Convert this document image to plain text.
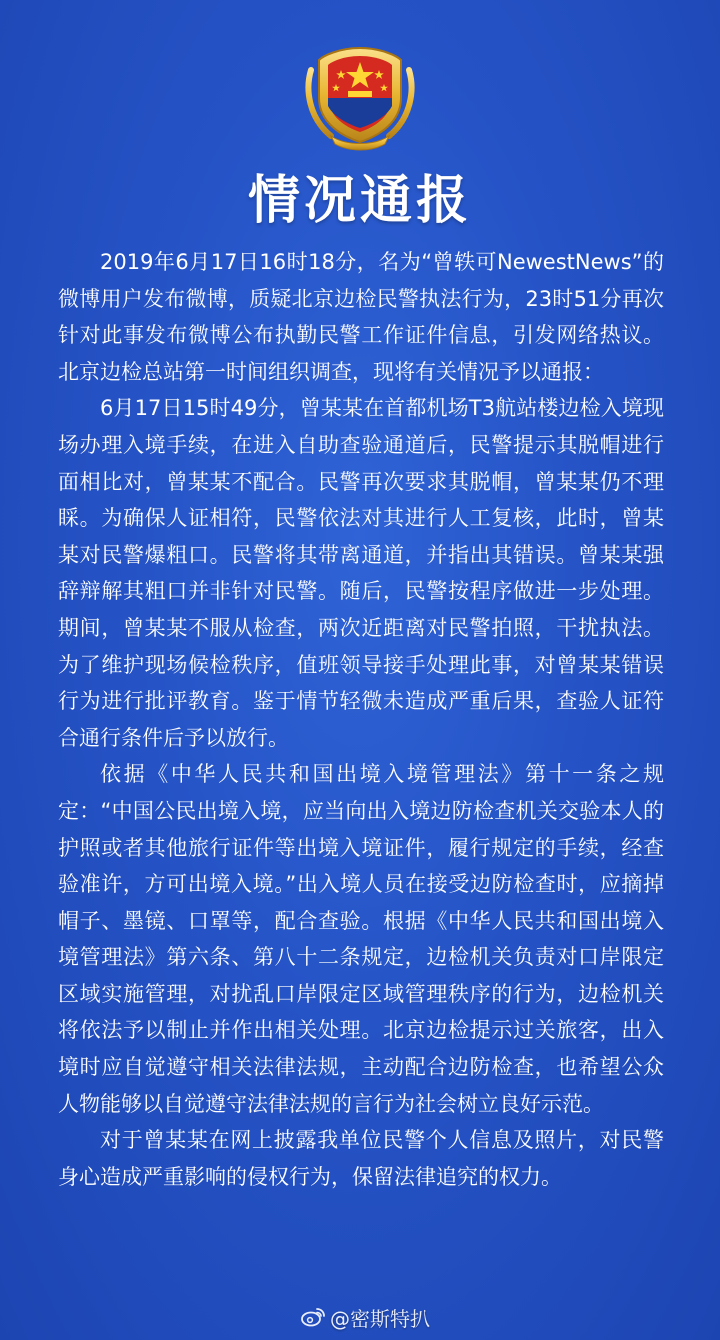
情况通报

2019年6月17日16时18分，名为“曾轶可NewestNews”的微博用户发布微博，质疑北京边检民警执法行为，23时51分再次针对此事发布微博公布执勤民警工作证件信息，引发网络热议。北京边检总站第一时间组织调查，现将有关情况予以通报：

6月17日15时49分，曾某某在首都机场T3航站楼边检入境现场办理入境手续，在进入自助查验通道后，民警提示其脱帽进行面相比对，曾某某不配合。民警再次要求其脱帽，曾某某仍不理睬。为确保人证相符，民警依法对其进行人工复核，此时，曾某某对民警爆粗口。民警将其带离通道，并指出其错误。曾某某强辞辩解其粗口并非针对民警。随后，民警按程序做进一步处理。期间，曾某某不服从检查，两次近距离对民警拍照，干扰执法。为了维护现场候检秩序，值班领导接手处理此事，对曾某某错误行为进行批评教育。鉴于情节轻微未造成严重后果，查验人证符合通行条件后予以放行。

依据《中华人民共和国出境入境管理法》第十一条之规定：“中国公民出境入境，应当向出入境边防检查机关交验本人的护照或者其他旅行证件等出境入境证件，履行规定的手续，经查验准许，方可出境入境。”出入境人员在接受边防检查时，应摘掉帽子、墨镜、口罩等，配合查验。根据《中华人民共和国出境入境管理法》第六条、第八十二条规定，边检机关负责对口岸限定区域实施管理，对扰乱口岸限定区域管理秩序的行为，边检机关将依法予以制止并作出相关处理。北京边检提示过关旅客，出入境时应自觉遵守相关法律法规，主动配合边防检查，也希望公众人物能够以自觉遵守法律法规的言行为社会树立良好示范。

对于曾某某在网上披露我单位民警个人信息及照片，对民警身心造成严重影响的侵权行为，保留法律追究的权力。

@密斯特扒
